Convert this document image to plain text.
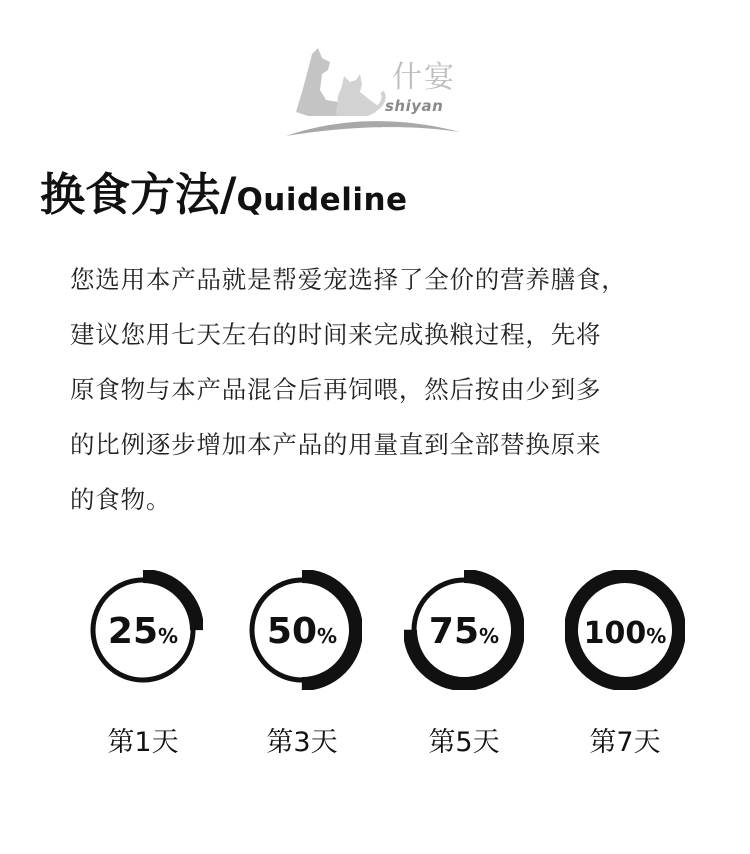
什宴
shiyan
换食方法/ Quideline
您选用本产品就是帮爱宠选择了全价的营养膳食，
建议您用七天左右的时间来完成换粮过程，先将
原食物与本产品混合后再饲喂，然后按由少到多
的比例逐步增加本产品的用量直到全部替换原来
的食物。
25%
第1天
50%
第3天
75%
第5天
100%
第7天
